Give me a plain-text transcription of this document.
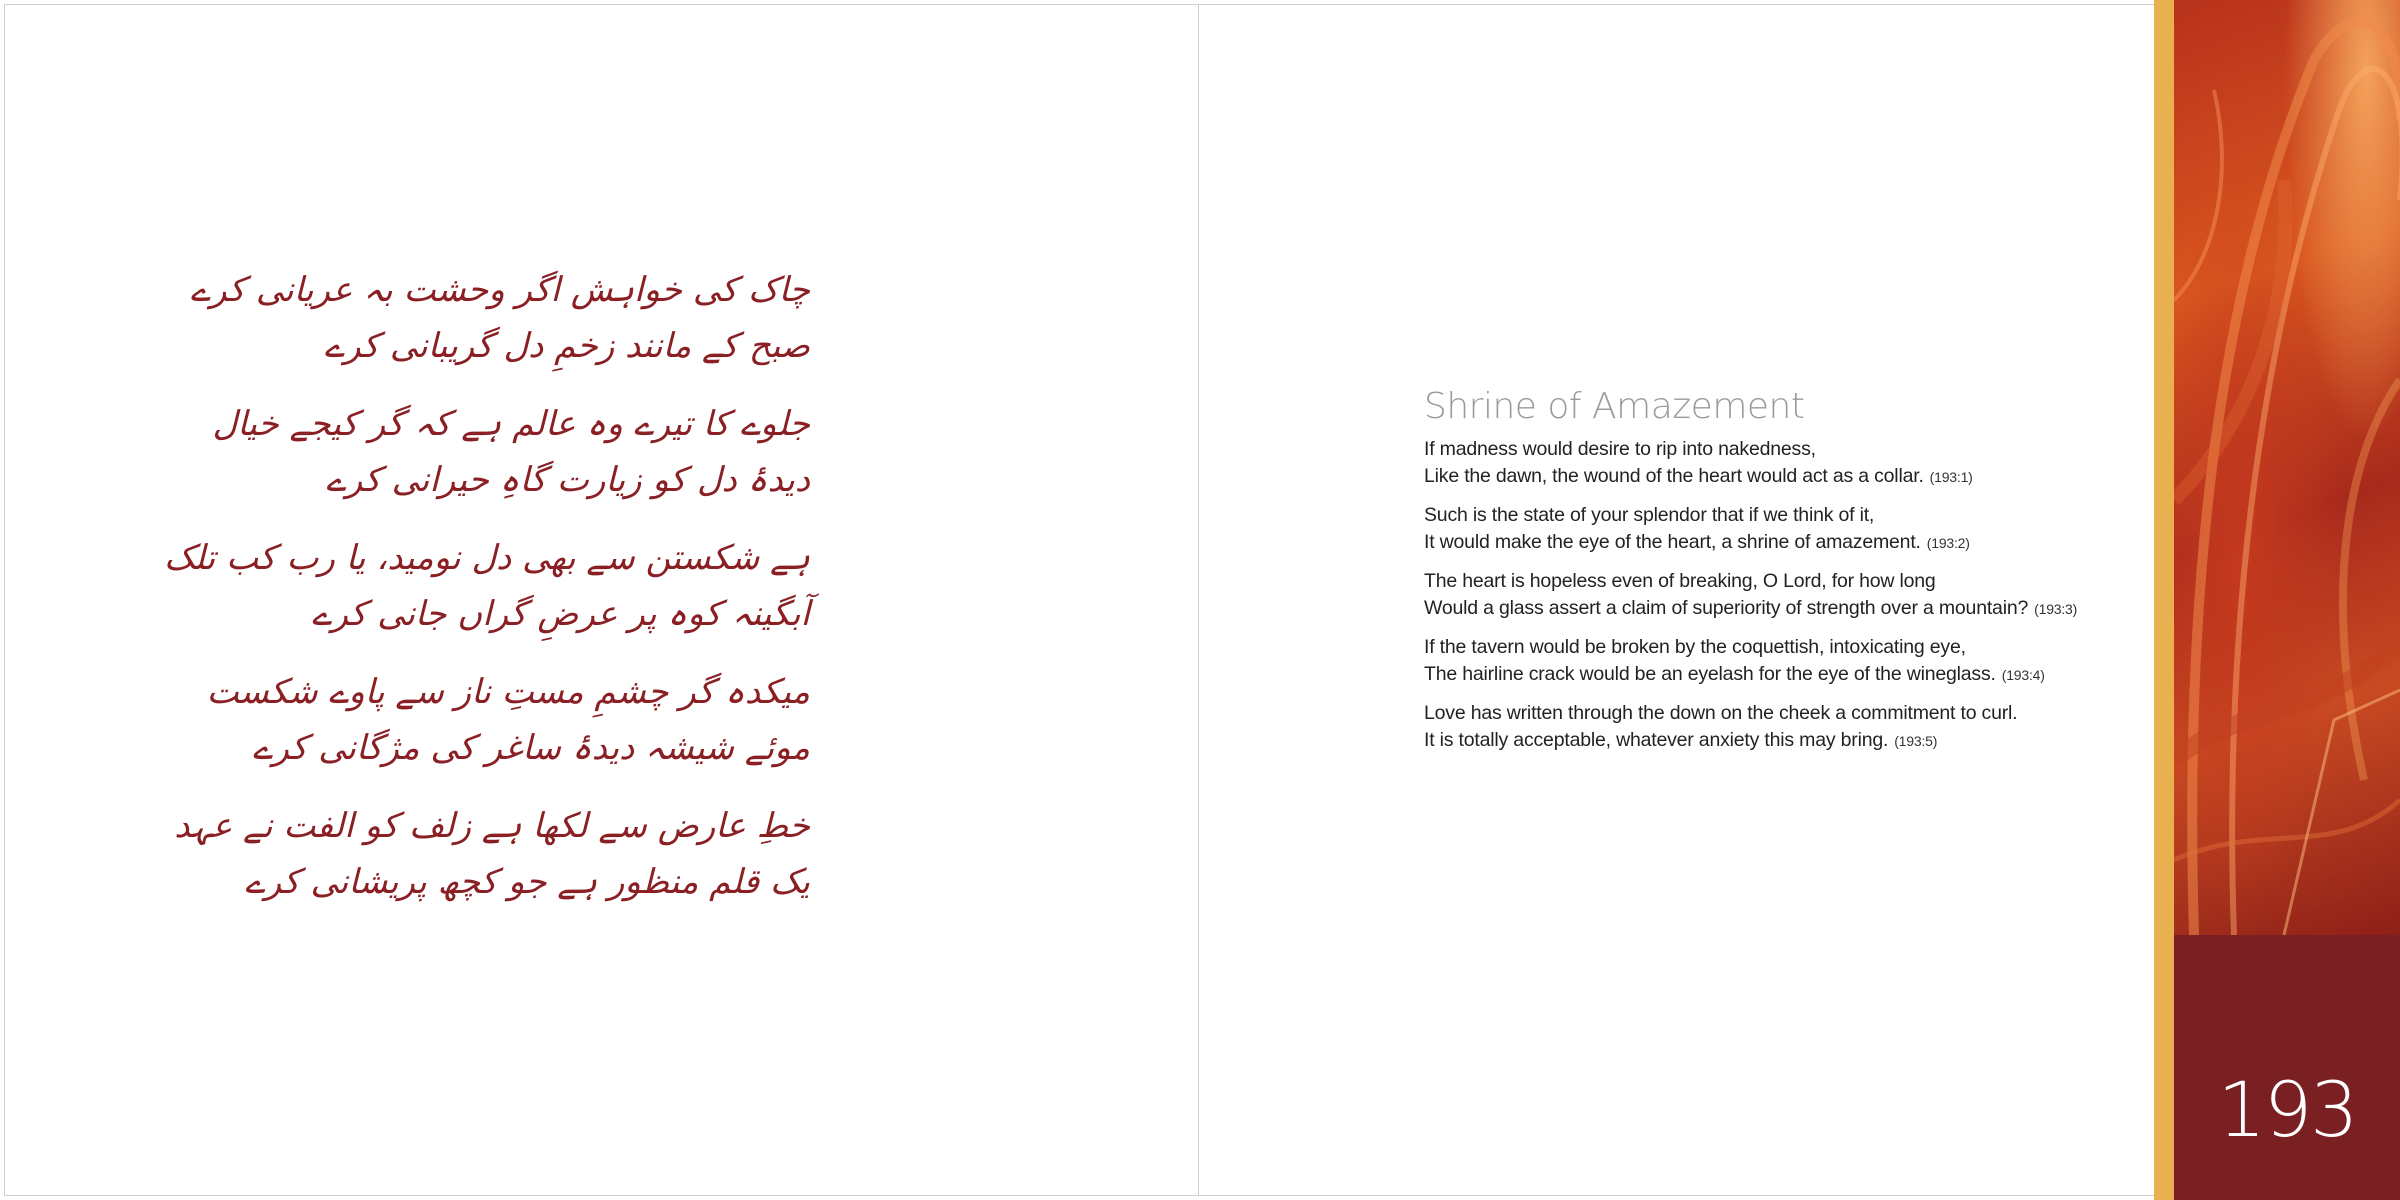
چاک کی خواہش اگر وحشت بہ عریانی کرے
صبح کے مانند زخمِ دل گریبانی کرے
جلوے کا تیرے وہ عالم ہے کہ گر کیجے خیال
دیدۂ دل کو زیارت گاہِ حیرانی کرے
ہے شکستن سے بھی دل نومید، یا رب کب تلک
آبگینہ کوہ پر عرضِ گراں جانی کرے
میکدہ گر چشمِ مستِ ناز سے پاوے شکست
موئے شیشہ دیدۂ ساغر کی مژگانی کرے
خطِ عارض سے لکھا ہے زلف کو الفت نے عہد
یک قلم منظور ہے جو کچھ پریشانی کرے
Shrine of Amazement
If madness would desire to rip into nakedness,
Like the dawn, the wound of the heart would act as a collar. (193:1)
Such is the state of your splendor that if we think of it,
It would make the eye of the heart, a shrine of amazement. (193:2)
The heart is hopeless even of breaking, O Lord, for how long
Would a glass assert a claim of superiority of strength over a mountain? (193:3)
If the tavern would be broken by the coquettish, intoxicating eye,
The hairline crack would be an eyelash for the eye of the wineglass. (193:4)
Love has written through the down on the cheek a commitment to curl.
It is totally acceptable, whatever anxiety this may bring. (193:5)
193
